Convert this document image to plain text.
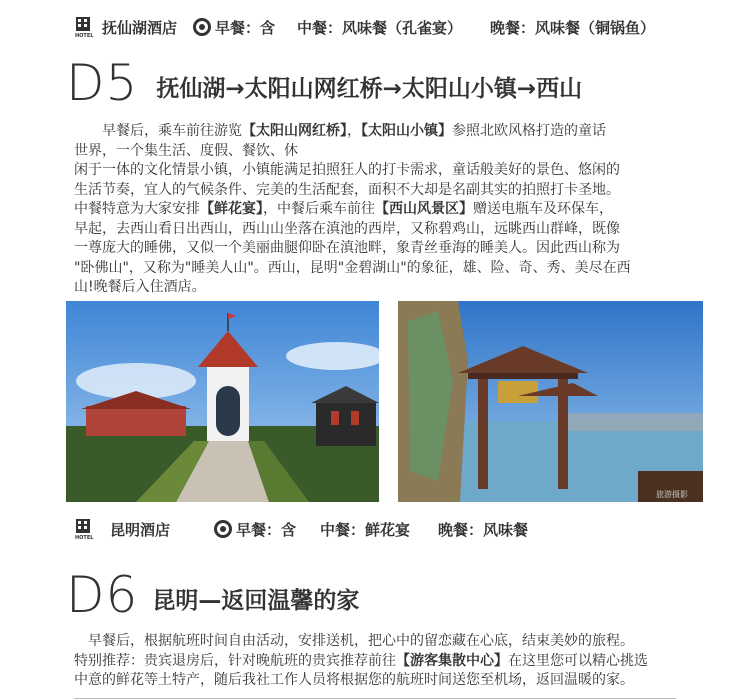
HOTEL 抚仙湖酒店	早餐：含 中餐：风味餐（孔雀宴） 晚餐：风味餐（铜锅鱼）
D5 抚仙湖→太阳山网红桥→太阳山小镇→西山
　　早餐后，乘车前往游览【太阳山网红桥】，【太阳山小镇】参照北欧风格打造的童话
世界，一个集生活、度假、餐饮、休
闲于一体的文化情景小镇，小镇能满足拍照狂人的打卡需求，童话般美好的景色、悠闲的
生活节奏，宜人的气候条件、完美的生活配套，面积不大却是名副其实的拍照打卡圣地。
中餐特意为大家安排【鲜花宴】，中餐后乘车前往【西山风景区】赠送电瓶车及环保车，
早起，去西山看日出西山，西山山坐落在滇池的西岸，又称碧鸡山，远眺西山群峰，既像
一尊庞大的睡佛，又似一个美丽曲腿仰卧在滇池畔，象青丝垂海的睡美人。因此西山称为
"卧佛山"，又称为"睡美人山"。西山，昆明"金碧湖山"的象征，雄、险、奇、秀、美尽在西
山!晚餐后入住酒店。
旅游摄影
HOTEL 昆明酒店	早餐：含 中餐：鲜花宴 晚餐：风味餐
D6 昆明—返回温馨的家
　早餐后，根据航班时间自由活动，安排送机，把心中的留恋藏在心底，结束美妙的旅程。
特别推荐：贵宾退房后，针对晚航班的贵宾推荐前往【游客集散中心】在这里您可以精心挑选
中意的鲜花等土特产，随后我社工作人员将根据您的航班时间送您至机场，返回温暖的家。
